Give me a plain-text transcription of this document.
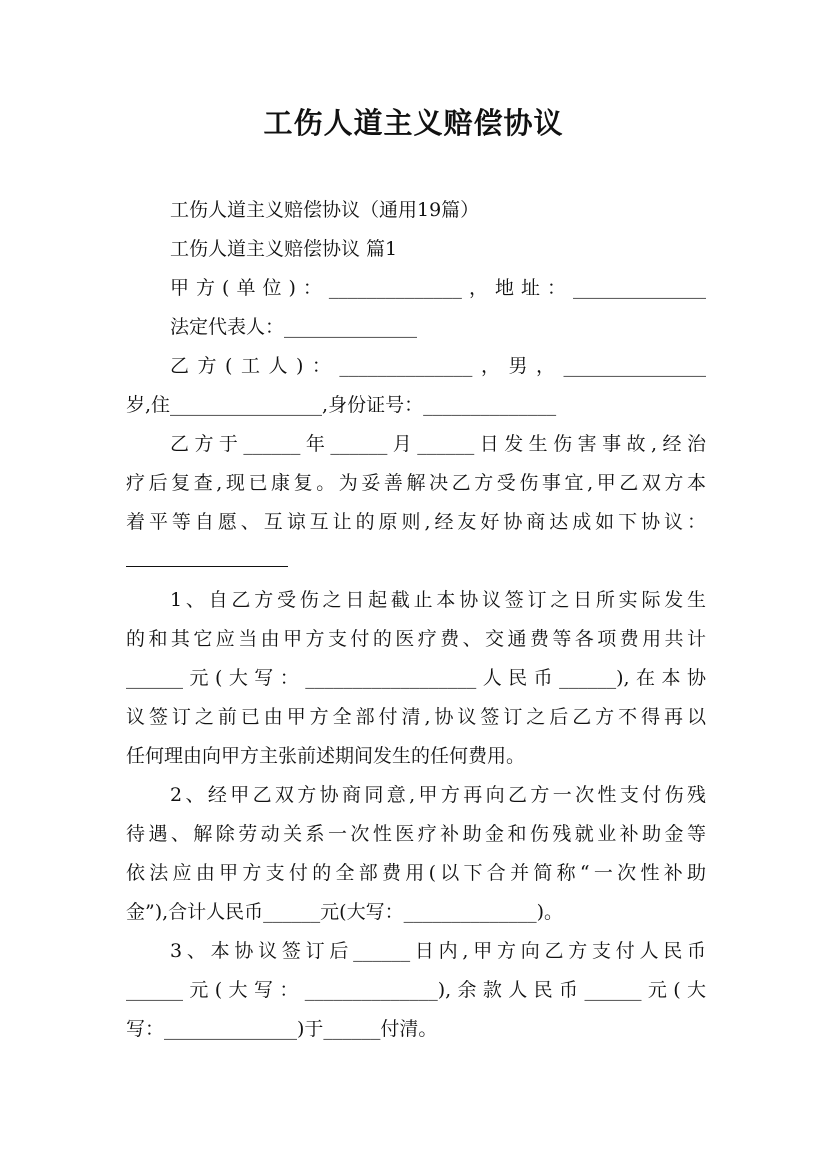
工伤人道主义赔偿协议
工伤人道主义赔偿协议（通用19篇）
工伤人道主义赔偿协议 篇1
甲方(单位)：______________，地址：______________
法定代表人：______________
乙方(工人)：______________，男，_______________
岁,住________________,身份证号：______________
乙方于______年______月______日发生伤害事故,经治
疗后复查,现已康复。为妥善解决乙方受伤事宜,甲乙双方本
着平等自愿、互谅互让的原则,经友好协商达成如下协议：
1、自乙方受伤之日起截止本协议签订之日所实际发生
的和其它应当由甲方支付的医疗费、交通费等各项费用共计
______元(大写：__________________人民币______),在本协
议签订之前已由甲方全部付清,协议签订之后乙方不得再以
任何理由向甲方主张前述期间发生的任何费用。
2、经甲乙双方协商同意,甲方再向乙方一次性支付伤残
待遇、解除劳动关系一次性医疗补助金和伤残就业补助金等
依法应由甲方支付的全部费用(以下合并简称“一次性补助
金”),合计人民币______元(大写：______________)。
3、本协议签订后______日内,甲方向乙方支付人民币
______元(大写：______________),余款人民币______元(大
写：______________)于______付清。
